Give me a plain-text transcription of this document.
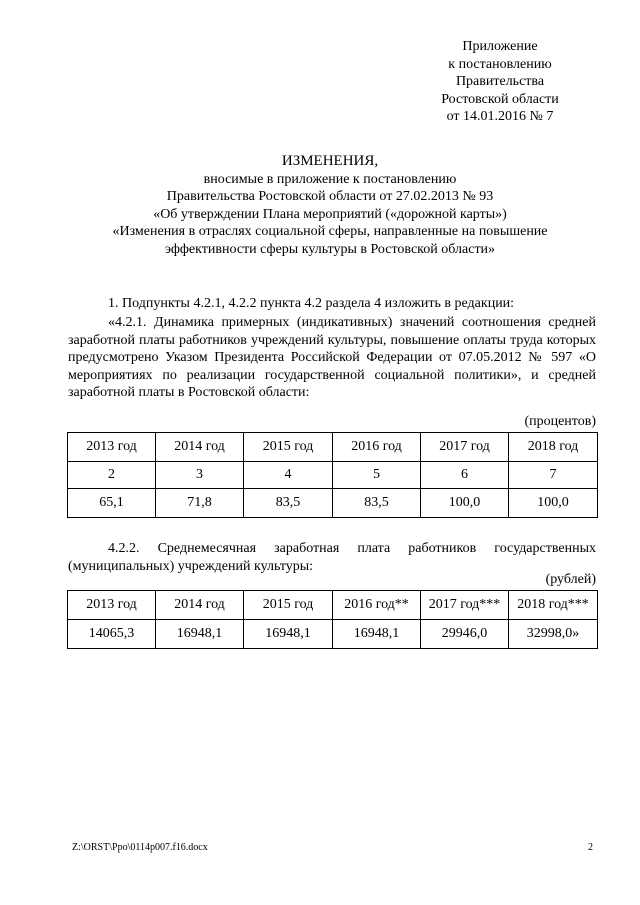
Приложение
к постановлению
Правительства
Ростовской области
от 14.01.2016 № 7
ИЗМЕНЕНИЯ,
вносимые в приложение к постановлению
Правительства Ростовской области от 27.02.2013 № 93
«Об утверждении Плана мероприятий («дорожной карты»)
«Изменения в отраслях социальной сферы, направленные на повышение
эффективности сферы культуры в Ростовской области»
1. Подпункты 4.2.1, 4.2.2 пункта 4.2 раздела 4 изложить в редакции:
«4.2.1. Динамика примерных (индикативных) значений соотношения средней заработной платы работников учреждений культуры, повышение оплаты труда которых предусмотрено Указом Президента Российской Федерации от 07.05.2012 № 597 «О мероприятиях по реализации государственной социальной политики», и средней заработной платы в Ростовской области:
(процентов)
2013 год	2014 год	2015 год	2016 год	2017 год	2018 год
2	3	4	5	6	7
65,1	71,8	83,5	83,5	100,0	100,0
4.2.2. Среднемесячная заработная плата работников государственных (муниципальных) учреждений культуры:
(рублей)
2013 год	2014 год	2015 год	2016 год**	2017 год***	2018 год***
14065,3	16948,1	16948,1	16948,1	29946,0	32998,0»
Z:\ORST\Ppo\0114p007.f16.docx	2
